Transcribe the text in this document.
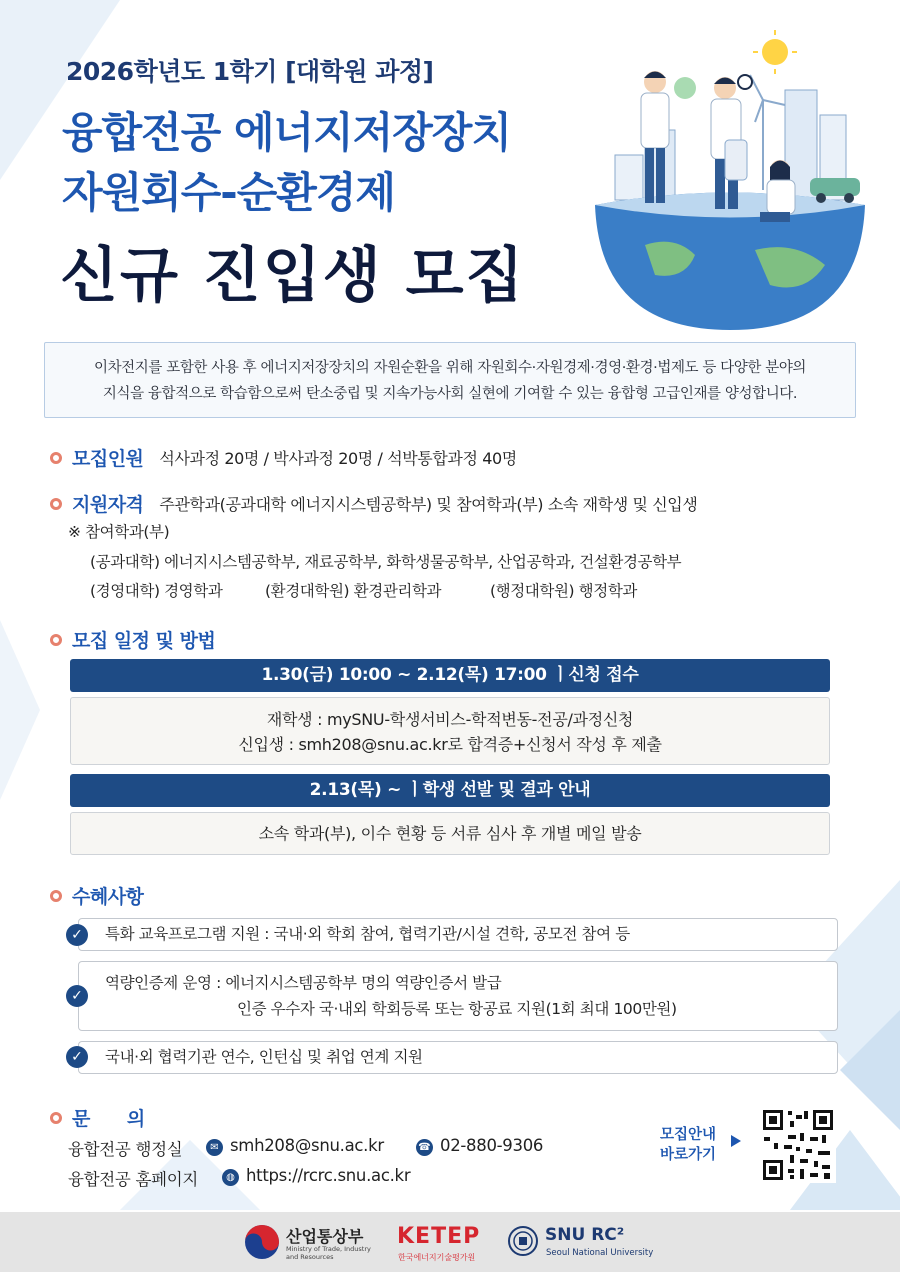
2026학년도 1학기 [대학원 과정]
융합전공 에너지저장장치
자원회수-순환경제
신규 진입생 모집
이차전지를 포함한 사용 후 에너지저장장치의 자원순환을 위해 자원회수·자원경제·경영·환경·법제도 등 다양한 분야의
지식을 융합적으로 학습함으로써 탄소중립 및 지속가능사회 실현에 기여할 수 있는 융합형 고급인재를 양성합니다.
모집인원 석사과정 20명 / 박사과정 20명 / 석박통합과정 40명
지원자격 주관학과(공과대학 에너지시스템공학부) 및 참여학과(부) 소속 재학생 및 신입생
※ 참여학과(부)
(공과대학) 에너지시스템공학부, 재료공학부, 화학생물공학부, 산업공학과, 건설환경공학부
(경영대학) 경영학과	(환경대학원) 환경관리학과	(행정대학원) 행정학과
모집 일정 및 방법
1.30(금) 10:00 ~ 2.12(목) 17:00 ㅣ신청 접수
재학생 : mySNU-학생서비스-학적변동-전공/과정신청
신입생 : smh208@snu.ac.kr로 합격증+신청서 작성 후 제출
2.13(목) ~ ㅣ학생 선발 및 결과 안내
소속 학과(부), 이수 현황 등 서류 심사 후 개별 메일 발송
수혜사항
특화 교육프로그램 지원 : 국내·외 학회 참여, 협력기관/시설 견학, 공모전 참여 등
✓
역량인증제 운영 : 에너지시스템공학부 명의 역량인증서 발급
인증 우수자 국·내외 학회등록 또는 항공료 지원(1회 최대 100만원)
✓
국내·외 협력기관 연수, 인턴십 및 취업 연계 지원
✓
문　　의
융합전공 행정실	✉ smh208@snu.ac.kr	☎ 02-880-9306
융합전공 홈페이지	◍ https://rcrc.snu.ac.kr
모집안내
바로가기
산업통상부
Ministry of Trade, Industry
and Resources
KETEP
한국에너지기술평가원
SNU RC²
Seoul National University
